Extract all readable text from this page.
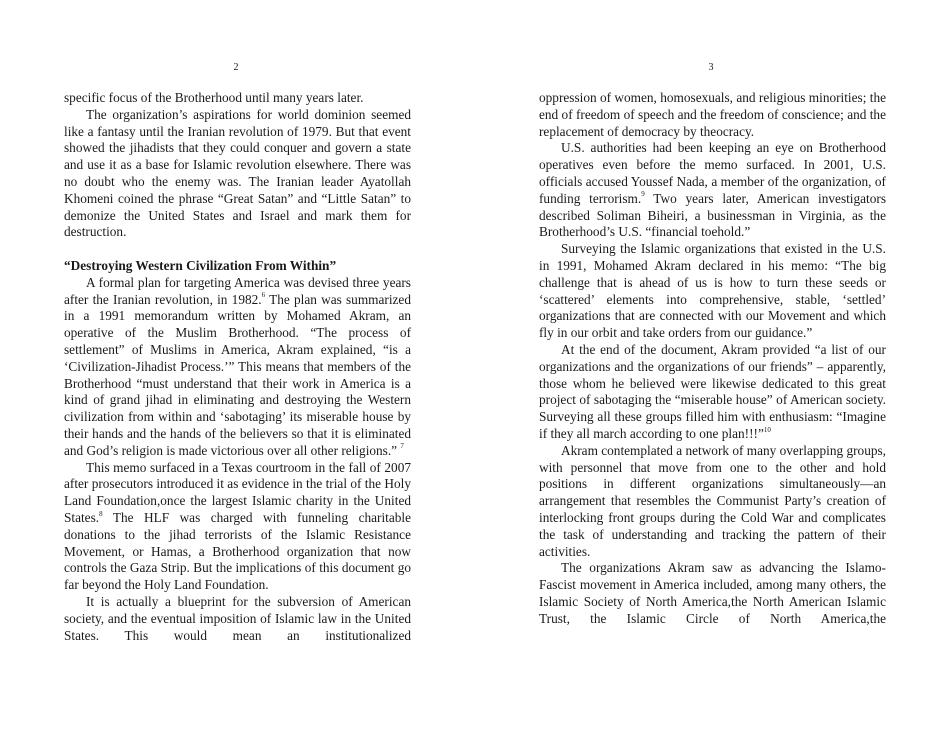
2	3

specific focus of the Brotherhood until many years later.

The organization’s aspirations for world dominion seemed like a fantasy until the Iranian revolution of 1979. But that event showed the jihadists that they could conquer and govern a state and use it as a base for Islamic revolution elsewhere. There was no doubt who the enemy was. The Iranian leader Ayatollah Khomeni coined the phrase “Great Satan” and “Little Satan” to demonize the United States and Israel and mark them for destruction.

“Destroying Western Civilization From Within”

A formal plan for targeting America was devised three years after the Iranian revolution, in 1982.$^6$ The plan was summarized in a 1991 memorandum written by Mohamed Akram, an operative of the Muslim Brotherhood. “The process of settlement” of Muslims in America, Akram explained, “is a ‘Civilization-Jihadist Process.’” This means that members of the Brotherhood “must understand that their work in America is a kind of grand jihad in eliminating and destroying the Western civilization from within and ‘sabotaging’ its miserable house by their hands and the hands of the believers so that it is eliminated and God’s religion is made victorious over all other religions.” $^7$

This memo surfaced in a Texas courtroom in the fall of 2007 after prosecutors introduced it as evidence in the trial of the Holy Land Foundation,once the largest Islamic charity in the United States.$^8$ The HLF was charged with funneling charitable donations to the jihad terrorists of the Islamic Resistance Movement, or Hamas, a Brotherhood organization that now controls the Gaza Strip. But the implications of this document go far beyond the Holy Land Foundation.

It is actually a blueprint for the subversion of American society, and the eventual imposition of Islamic law in the United States. This would mean an institutionalized

oppression of women, homosexuals, and religious minorities; the end of freedom of speech and the freedom of conscience; and the replacement of democracy by theocracy.

U.S. authorities had been keeping an eye on Brotherhood operatives even before the memo surfaced. In 2001, U.S. officials accused Youssef Nada, a member of the organization, of funding terrorism.$^9$ Two years later, American investigators described Soliman Biheiri, a businessman in Virginia, as the Brotherhood’s U.S. “financial toehold.”

Surveying the Islamic organizations that existed in the U.S. in 1991, Mohamed Akram declared in his memo: “The big challenge that is ahead of us is how to turn these seeds or ‘scattered’ elements into comprehensive, stable, ‘settled’ organizations that are connected with our Movement and which fly in our orbit and take orders from our guidance.”

At the end of the document, Akram provided “a list of our organizations and the organizations of our friends” – apparently, those whom he believed were likewise dedicated to this great project of sabotaging the “miserable house” of American society. Surveying all these groups filled him with enthusiasm: “Imagine if they all march according to one plan!!!”$^{10}$

Akram contemplated a network of many overlapping groups, with personnel that move from one to the other and hold positions in different organizations simultaneously—an arrangement that resembles the Communist Party’s creation of interlocking front groups during the Cold War and complicates the task of understanding and tracking the pattern of their activities.

The organizations Akram saw as advancing the Islamo-Fascist movement in America included, among many others, the Islamic Society of North America,the North American Islamic Trust, the Islamic Circle of North America,the
